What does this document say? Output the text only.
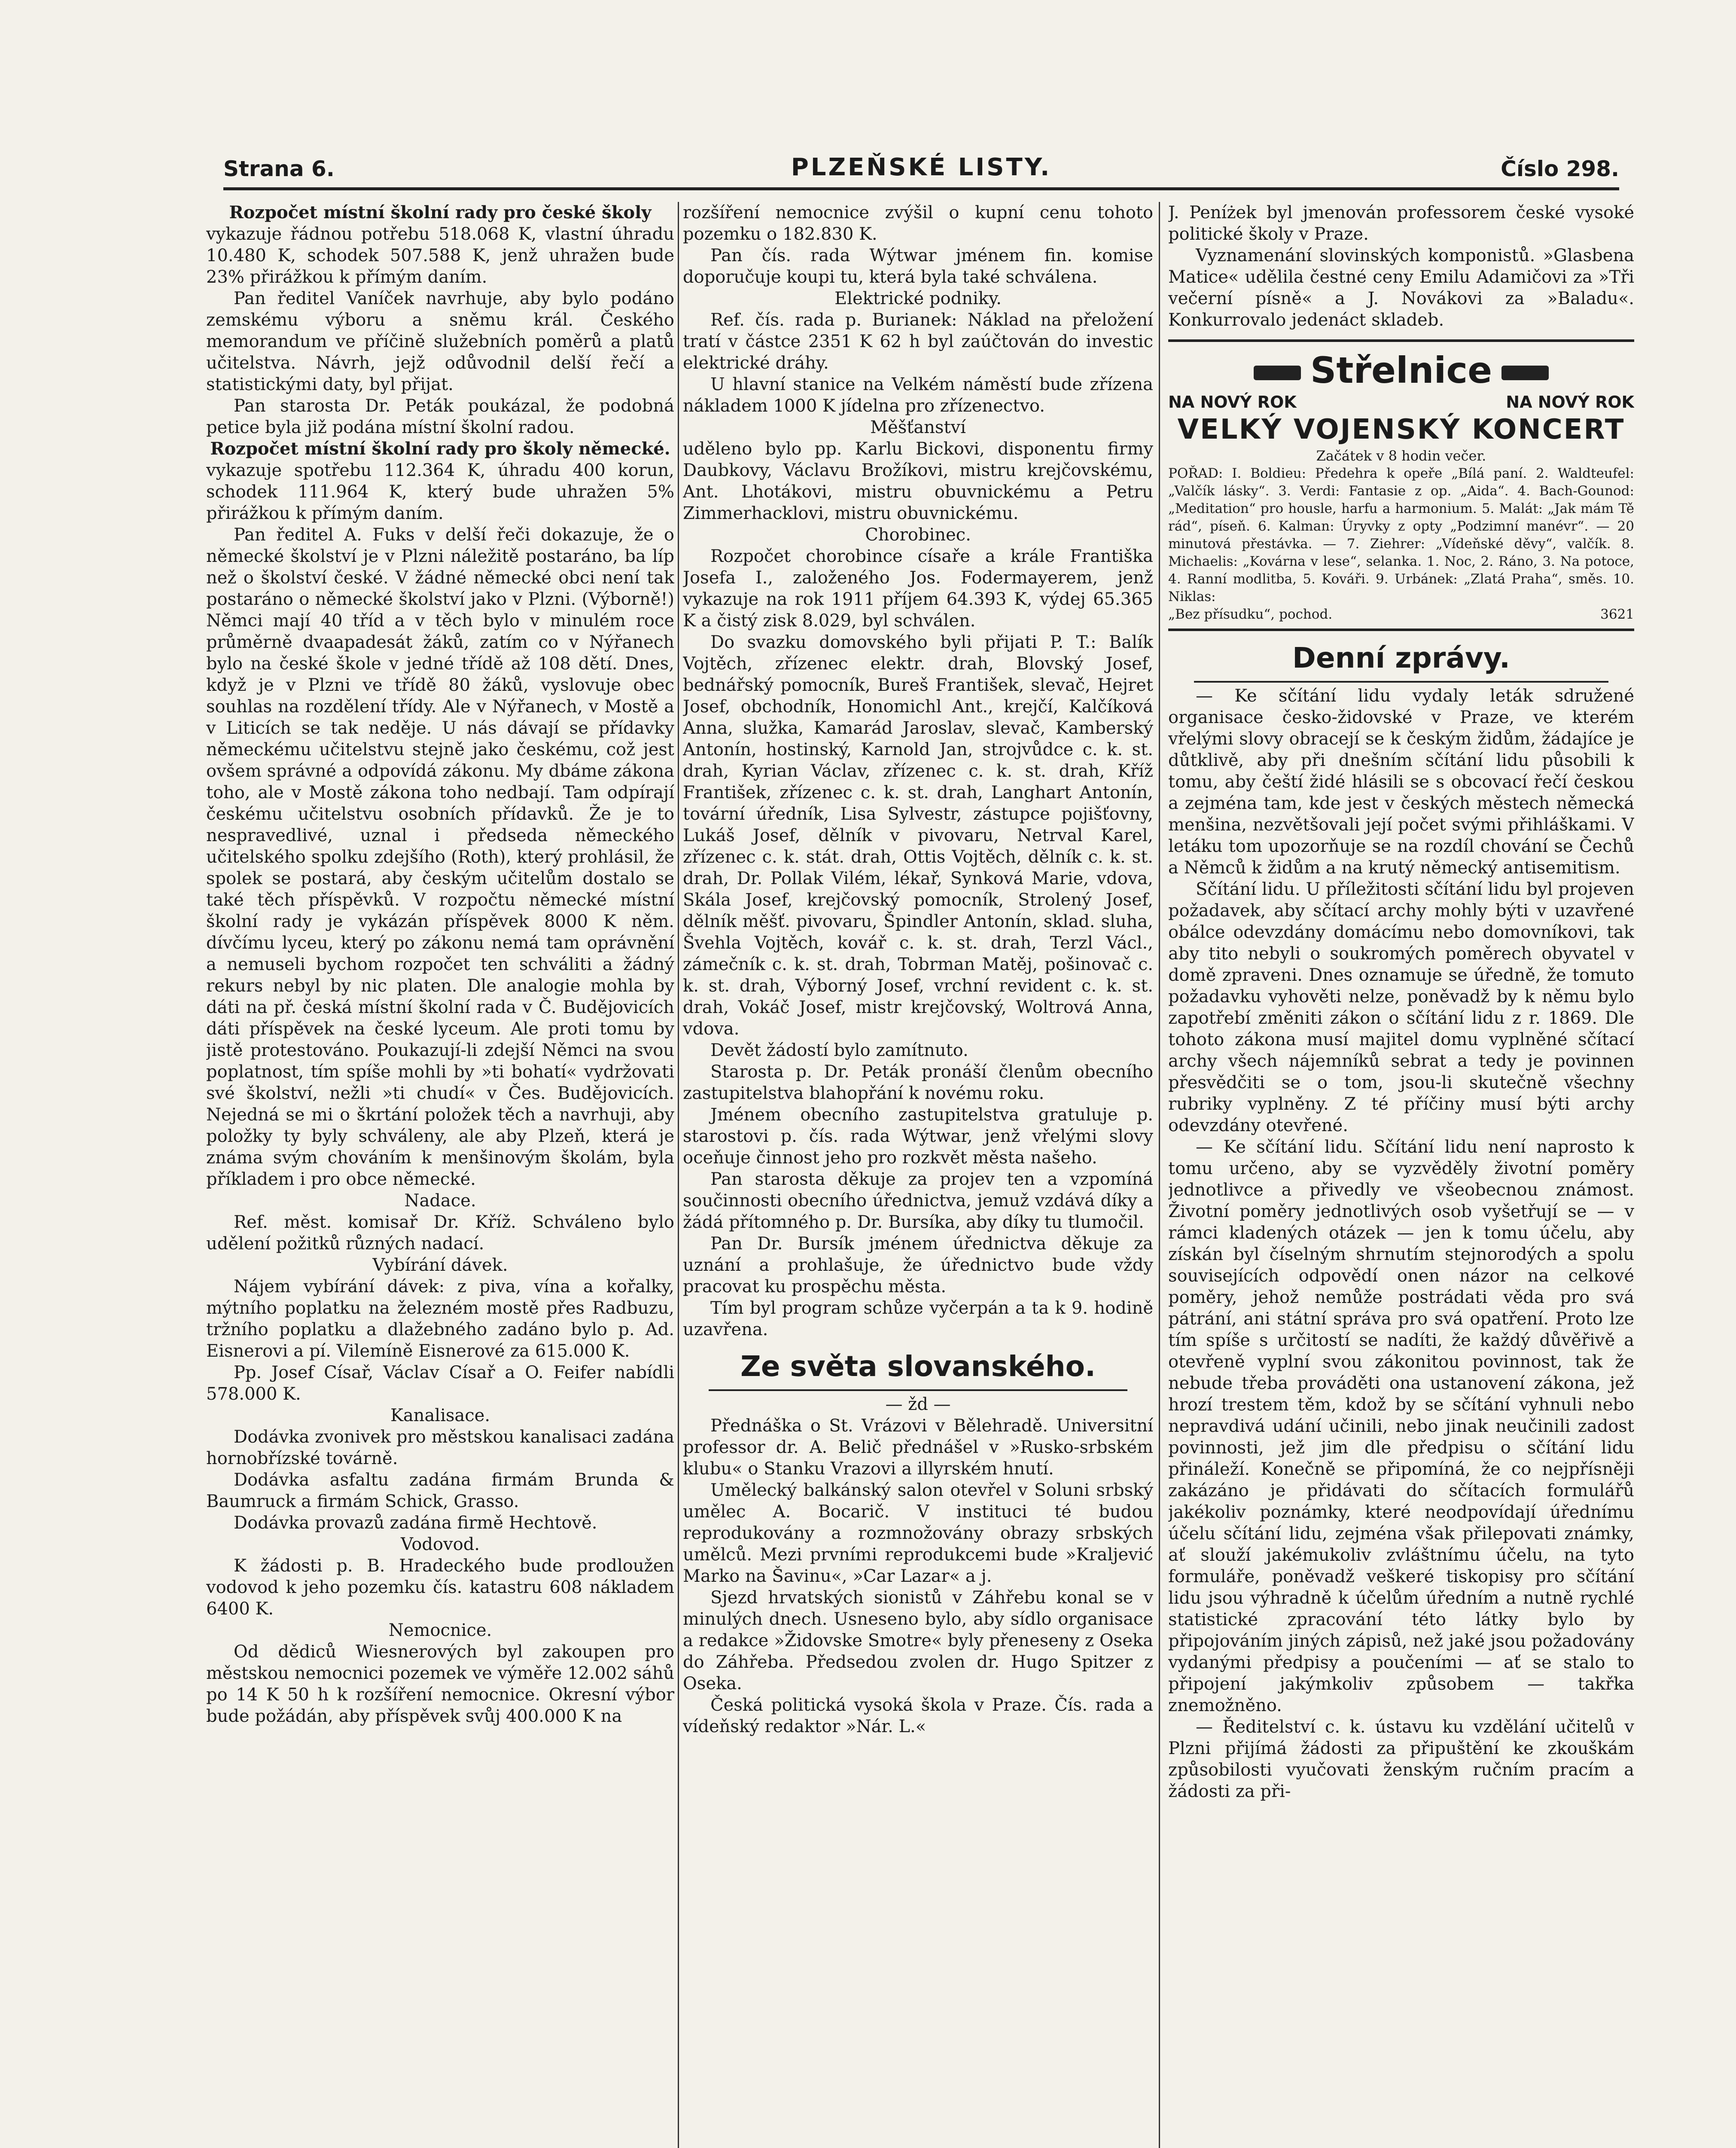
Strana 6.	PLZEŇSKÉ LISTY.	Číslo 298.

Rozpočet místní školní rady pro české školy

vykazuje řádnou potřebu 518.068 K, vlastní úhradu 10.480 K, schodek 507.588 K, jenž uhražen bude 23% přirážkou k přímým daním.

Pan ředitel Vaníček navrhuje, aby bylo podáno zemskému výboru a sněmu král. Českého memorandum ve příčině služebních poměrů a platů učitelstva. Návrh, jejž odůvodnil delší řečí a statistickými daty, byl přijat.

Pan starosta Dr. Peták poukázal, že podobná petice byla již podána místní školní radou.

Rozpočet místní školní rady pro školy německé.

vykazuje spotřebu 112.364 K, úhradu 400 korun, schodek 111.964 K, který bude uhražen 5% přirážkou k přímým daním.

Pan ředitel A. Fuks v delší řeči dokazuje, že o německé školství je v Plzni náležitě postaráno, ba líp než o školství české. V žádné německé obci není tak postaráno o německé školství jako v Plzni. (Výborně!) Němci mají 40 tříd a v těch bylo v minulém roce průměrně dvaapadesát žáků, zatím co v Nýřanech bylo na české škole v jedné třídě až 108 dětí. Dnes, když je v Plzni ve třídě 80 žáků, vyslovuje obec souhlas na rozdělení třídy. Ale v Nýřanech, v Mostě a v Liticích se tak neděje. U nás dávají se přídavky německému učitelstvu stejně jako českému, což jest ovšem správné a odpovídá zákonu. My dbáme zákona toho, ale v Mostě zákona toho nedbají. Tam odpírají českému učitelstvu osobních přídavků. Že je to nespravedlivé, uznal i předseda německého učitelského spolku zdejšího (Roth), který prohlásil, že spolek se postará, aby českým učitelům dostalo se také těch příspěvků. V rozpočtu německé místní školní rady je vykázán příspěvek 8000 K něm. dívčímu lyceu, který po zákonu nemá tam oprávnění a nemuseli bychom rozpočet ten schváliti a žádný rekurs nebyl by nic platen. Dle analogie mohla by dáti na př. česká místní školní rada v Č. Budějovicích dáti příspěvek na české lyceum. Ale proti tomu by jistě protestováno. Poukazují-li zdejší Němci na svou poplatnost, tím spíše mohli by »ti bohatí« vydržovati své školství, nežli »ti chudí« v Čes. Budějovicích. Nejedná se mi o škrtání položek těch a navrhuji, aby položky ty byly schváleny, ale aby Plzeň, která je známa svým chováním k menšinovým školám, byla příkladem i pro obce německé.

Nadace.

Ref. měst. komisař Dr. Kříž. Schváleno bylo udělení požitků různých nadací.

Vybírání dávek.

Nájem vybírání dávek: z piva, vína a kořalky, mýtního poplatku na železném mostě přes Radbuzu, tržního poplatku a dlažebného zadáno bylo p. Ad. Eisnerovi a pí. Vilemíně Eisnerové za 615.000 K.

Pp. Josef Císař, Václav Císař a O. Feifer nabídli 578.000 K.

Kanalisace.

Dodávka zvonivek pro městskou kanalisaci zadána hornobřízské továrně.

Dodávka asfaltu zadána firmám Brunda & Baumruck a firmám Schick, Grasso.

Dodávka provazů zadána firmě Hechtově.

Vodovod.

K žádosti p. B. Hradeckého bude prodloužen vodovod k jeho pozemku čís. katastru 608 nákladem 6400 K.

Nemocnice.

Od dědiců Wiesnerových byl zakoupen pro městskou nemocnici pozemek ve výměře 12.002 sáhů po 14 K 50 h k rozšíření nemocnice. Okresní výbor bude požádán, aby příspěvek svůj 400.000 K na

rozšíření nemocnice zvýšil o kupní cenu tohoto pozemku o 182.830 K.

Pan čís. rada Wýtwar jménem fin. komise doporučuje koupi tu, která byla také schválena.

Elektrické podniky.

Ref. čís. rada p. Burianek: Náklad na přeložení tratí v částce 2351 K 62 h byl zaúčtován do investic elektrické dráhy.

U hlavní stanice na Velkém náměstí bude zřízena nákladem 1000 K jídelna pro zřízenectvo.

Měšťanství

uděleno bylo pp. Karlu Bickovi, disponentu firmy Daubkovy, Václavu Brožíkovi, mistru krejčovskému, Ant. Lhotákovi, mistru obuvnickému a Petru Zimmerhacklovi, mistru obuvnickému.

Chorobinec.

Rozpočet chorobince císaře a krále Františka Josefa I., založeného Jos. Fodermayerem, jenž vykazuje na rok 1911 příjem 64.393 K, výdej 65.365 K a čistý zisk 8.029, byl schválen.

Do svazku domovského byli přijati P. T.: Balík Vojtěch, zřízenec elektr. drah, Blovský Josef, bednářský pomocník, Bureš František, slevač, Hejret Josef, obchodník, Honomichl Ant., krejčí, Kalčíková Anna, služka, Kamarád Jaroslav, slevač, Kamberský Antonín, hostinský, Karnold Jan, strojvůdce c. k. st. drah, Kyrian Václav, zřízenec c. k. st. drah, Kříž František, zřízenec c. k. st. drah, Langhart Antonín, tovární úředník, Lisa Sylvestr, zástupce pojišťovny, Lukáš Josef, dělník v pivovaru, Netrval Karel, zřízenec c. k. stát. drah, Ottis Vojtěch, dělník c. k. st. drah, Dr. Pollak Vilém, lékař, Synková Marie, vdova, Skála Josef, krejčovský pomocník, Strolený Josef, dělník měšť. pivovaru, Špindler Antonín, sklad. sluha, Švehla Vojtěch, kovář c. k. st. drah, Terzl Václ., zámečník c. k. st. drah, Tobrman Matěj, pošinovač c. k. st. drah, Výborný Josef, vrchní revident c. k. st. drah, Vokáč Josef, mistr krejčovský, Woltrová Anna, vdova.

Devět žádostí bylo zamítnuto.

Starosta p. Dr. Peták pronáší členům obecního zastupitelstva blahopřání k novému roku.

Jménem obecního zastupitelstva gratuluje p. starostovi p. čís. rada Wýtwar, jenž vřelými slovy oceňuje činnost jeho pro rozkvět města našeho.

Pan starosta děkuje za projev ten a vzpomíná součinnosti obecního úřednictva, jemuž vzdává díky a žádá přítomného p. Dr. Bursíka, aby díky tu tlumočil.

Pan Dr. Bursík jménem úřednictva děkuje za uznání a prohlašuje, že úřednictvo bude vždy pracovat ku prospěchu města.

Tím byl program schůze vyčerpán a ta k 9. hodině uzavřena.

Ze světa slovanského.

— žd —

Přednáška o St. Vrázovi v Bělehradě. Universitní professor dr. A. Belič přednášel v »Rusko-srbském klubu« o Stanku Vrazovi a illyrském hnutí.

Umělecký balkánský salon otevřel v Soluni srbský umělec A. Bocarič. V instituci té budou reprodukovány a rozmnožovány obrazy srbských umělců. Mezi prvními reprodukcemi bude »Kraljević Marko na Šavinu«, »Car Lazar« a j.

Sjezd hrvatských sionistů v Záhřebu konal se v minulých dnech. Usneseno bylo, aby sídlo organisace a redakce »Židovske Smotre« byly přeneseny z Oseka do Záhřeba. Předsedou zvolen dr. Hugo Spitzer z Oseka.

Česká politická vysoká škola v Praze. Čís. rada a vídeňský redaktor »Nár. L.«

J. Peníżek byl jmenován professorem české vysoké politické školy v Praze.

Vyznamenání slovinských komponistů. »Glasbena Matice« udělila čestné ceny Emilu Adamičovi za »Tři večerní písně« a J. Novákovi za »Baladu«. Konkurrovalo jedenáct skladeb.

Střelnice
NA NOVÝ ROK	NA NOVÝ ROK
VELKÝ VOJENSKÝ KONCERT
Začátek v 8 hodin večer.
POŘAD: I. Boldieu: Předehra k opeře „Bílá paní. 2. Waldteufel: „Valčík lásky“. 3. Verdi: Fantasie z op. „Aida“. 4. Bach-Gounod: „Meditation“ pro housle, harfu a harmonium. 5. Malát: „Jak mám Tě rád“, píseň. 6. Kalman: Úryvky z opty „Podzimní manévr“. — 20 minutová přestávka. — 7. Ziehrer: „Vídeňské děvy“, valčík. 8. Michaelis: „Kovárna v lese“, selanka. 1. Noc, 2. Ráno, 3. Na potoce, 4. Ranní modlitba, 5. Kováři. 9. Urbánek: „Zlatá Praha“, směs. 10. Niklas:
„Bez přísudku“, pochod.	3621
Denní zprávy.

— Ke sčítání lidu vydaly leták sdružené organisace česko-židovské v Praze, ve kterém vřelými slovy obracejí se k českým židům, žádajíce je důtklivě, aby při dnešním sčítání lidu působili k tomu, aby čeští židé hlásili se s obcovací řečí českou a zejména tam, kde jest v českých městech německá menšina, nezvětšovali její počet svými přihláškami. V letáku tom upozorňuje se na rozdíl chování se Čechů a Němců k židům a na krutý německý antisemitism.

Sčítání lidu. U příležitosti sčítání lidu byl projeven požadavek, aby sčítací archy mohly býti v uzavřené obálce odevzdány domácímu nebo domovníkovi, tak aby tito nebyli o soukromých poměrech obyvatel v domě zpraveni. Dnes oznamuje se úředně, že tomuto požadavku vyhověti nelze, poněvadž by k němu bylo zapotřebí změniti zákon o sčítání lidu z r. 1869. Dle tohoto zákona musí majitel domu vyplněné sčítací archy všech nájemníků sebrat a tedy je povinnen přesvědčiti se o tom, jsou-li skutečně všechny rubriky vyplněny. Z té příčiny musí býti archy odevzdány otevřené.

— Ke sčítání lidu. Sčítání lidu není naprosto k tomu určeno, aby se vyzvěděly životní poměry jednotlivce a přivedly ve všeobecnou známost. Životní poměry jednotlivých osob vyšetřují se — v rámci kladených otázek — jen k tomu účelu, aby získán byl číselným shrnutím stejnorodých a spolu souvisejících odpovědí onen názor na celkové poměry, jehož nemůže postrádati věda pro svá pátrání, ani státní správa pro svá opatření. Proto lze tím spíše s určitostí se nadíti, že každý důvěřivě a otevřeně vyplní svou zákonitou povinnost, tak že nebude třeba prováděti ona ustanovení zákona, jež hrozí trestem těm, kdož by se sčítání vyhnuli nebo nepravdivá udání učinili, nebo jinak neučinili zadost povinnosti, jež jim dle předpisu o sčítání lidu přináleží. Konečně se připomíná, že co nejpřísněji zakázáno je přidávati do sčítacích formulářů jakékoliv poznámky, které neodpovídají úřednímu účelu sčítání lidu, zejména však přilepovati známky, ať slouží jakémukoliv zvláštnímu účelu, na tyto formuláře, poněvadž veškeré tiskopisy pro sčítání lidu jsou výhradně k účelům úředním a nutně rychlé statistické zpracování této látky bylo by připojováním jiných zápisů, než jaké jsou požadovány vydanými předpisy a poučeními — ať se stalo to připojení jakýmkoliv způsobem — takřka znemožněno.

— Ředitelství c. k. ústavu ku vzdělání učitelů v Plzni přijímá žádosti za připuštění ke zkouškám způsobilosti vyučovati ženským ručním pracím a žádosti za při-
